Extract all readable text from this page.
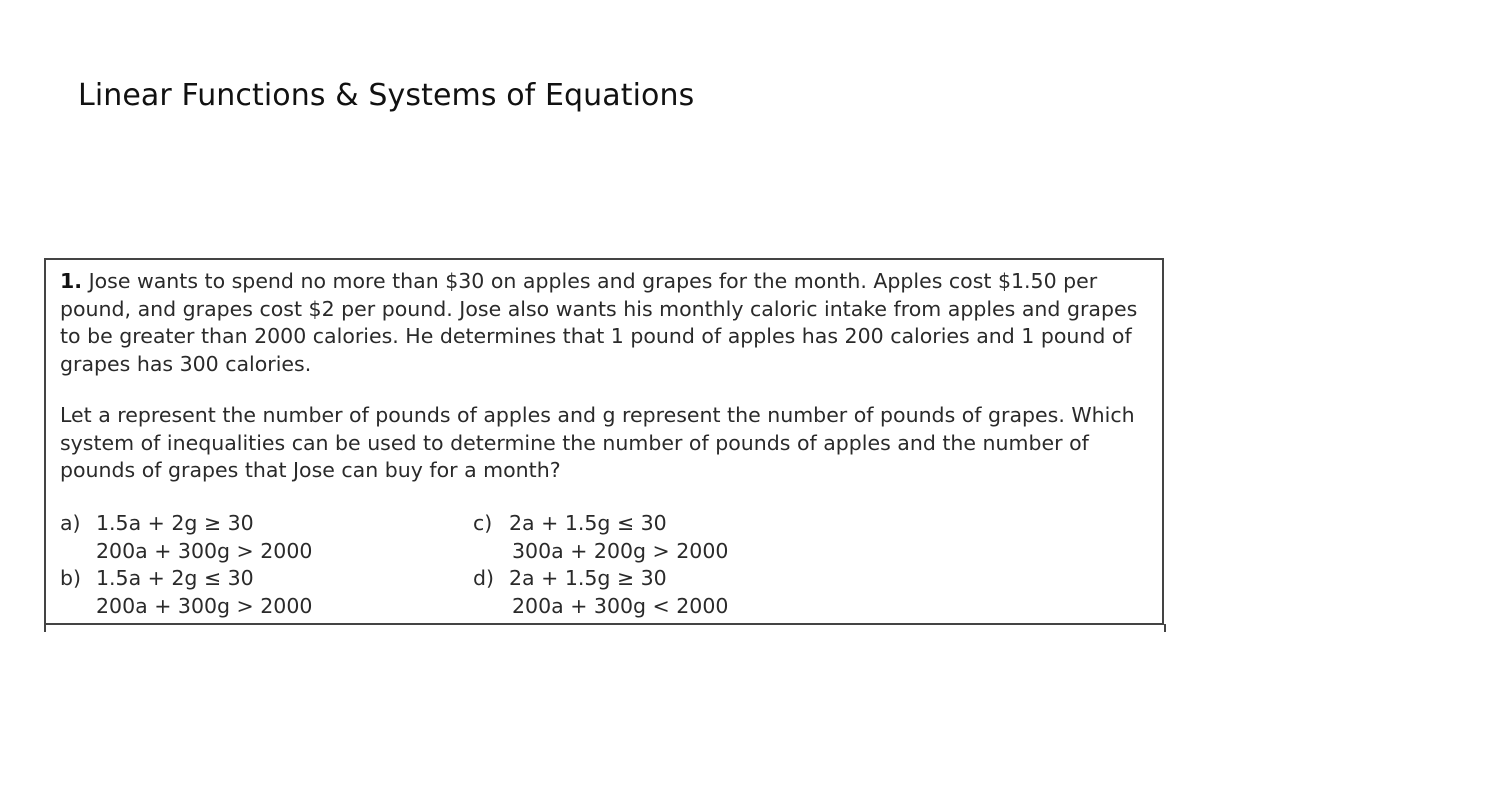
Linear Functions & Systems of Equations

1. Jose wants to spend no more than $30 on apples and grapes for the month. Apples cost $1.50 per pound, and grapes cost $2 per pound. Jose also wants his monthly caloric intake from apples and grapes to be greater than 2000 calories. He determines that 1 pound of apples has 200 calories and 1 pound of grapes has 300 calories.

Let a represent the number of pounds of apples and g represent the number of pounds of grapes. Which system of inequalities can be used to determine the number of pounds of apples and the number of pounds of grapes that Jose can buy for a month?

a) 1.5a + 2g ≥ 30
200a + 300g > 2000
b) 1.5a + 2g ≤ 30
200a + 300g > 2000
c) 2a + 1.5g ≤ 30
300a + 200g > 2000
d) 2a + 1.5g ≥ 30
200a + 300g < 2000
